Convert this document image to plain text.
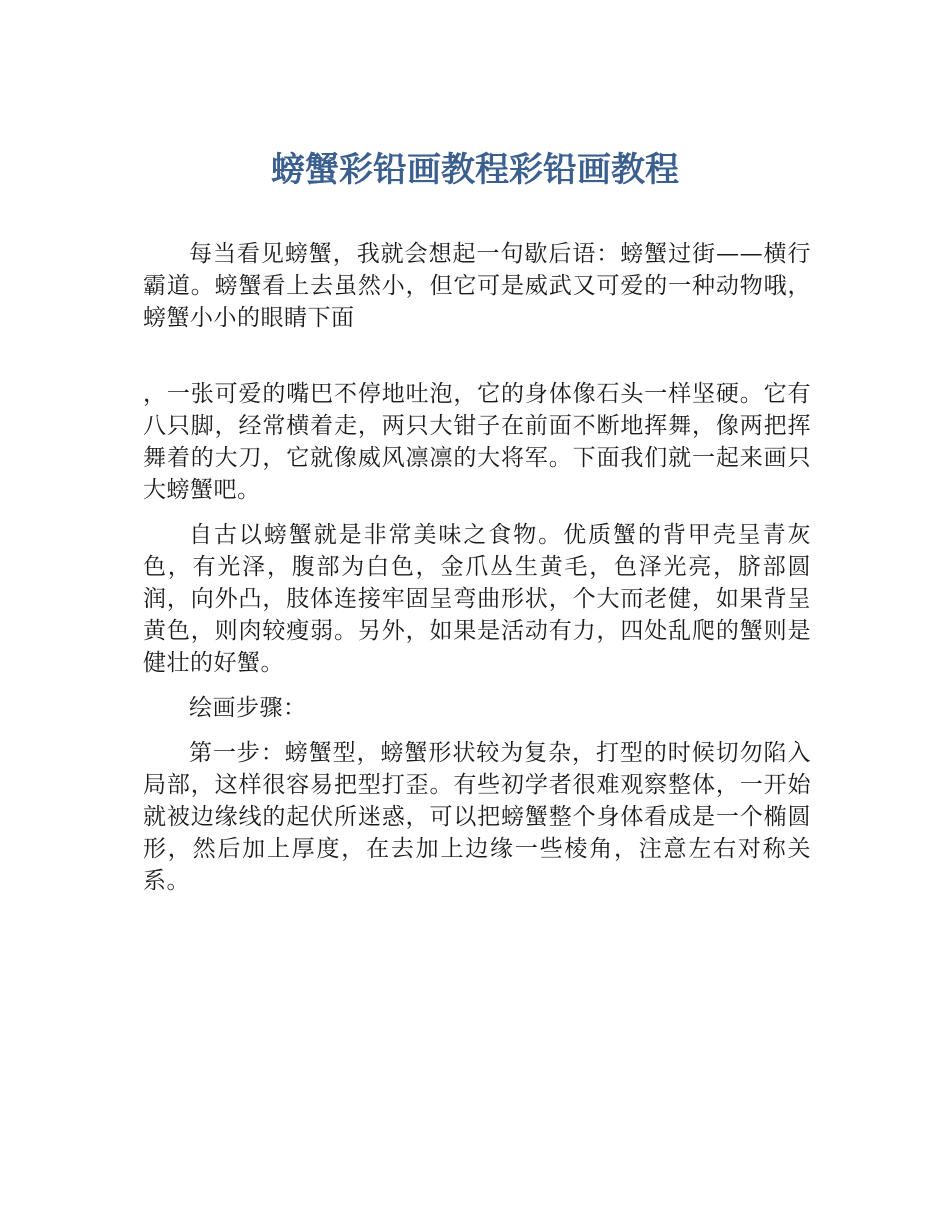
螃蟹彩铅画教程彩铅画教程

每当看见螃蟹，我就会想起一句歇后语：螃蟹过街——横行霸道。螃蟹看上去虽然小，但它可是威武又可爱的一种动物哦，螃蟹小小的眼睛下面

，一张可爱的嘴巴不停地吐泡，它的身体像石头一样坚硬。它有八只脚，经常横着走，两只大钳子在前面不断地挥舞，像两把挥舞着的大刀，它就像威风凛凛的大将军。下面我们就一起来画只大螃蟹吧。

自古以螃蟹就是非常美味之食物。优质蟹的背甲壳呈青灰色，有光泽，腹部为白色，金爪丛生黄毛，色泽光亮，脐部圆润，向外凸，肢体连接牢固呈弯曲形状，个大而老健，如果背呈黄色，则肉较瘦弱。另外，如果是活动有力，四处乱爬的蟹则是健壮的好蟹。

绘画步骤：

第一步：螃蟹型，螃蟹形状较为复杂，打型的时候切勿陷入局部，这样很容易把型打歪。有些初学者很难观察整体，一开始就被边缘线的起伏所迷惑，可以把螃蟹整个身体看成是一个椭圆形，然后加上厚度，在去加上边缘一些棱角，注意左右对称关系。
